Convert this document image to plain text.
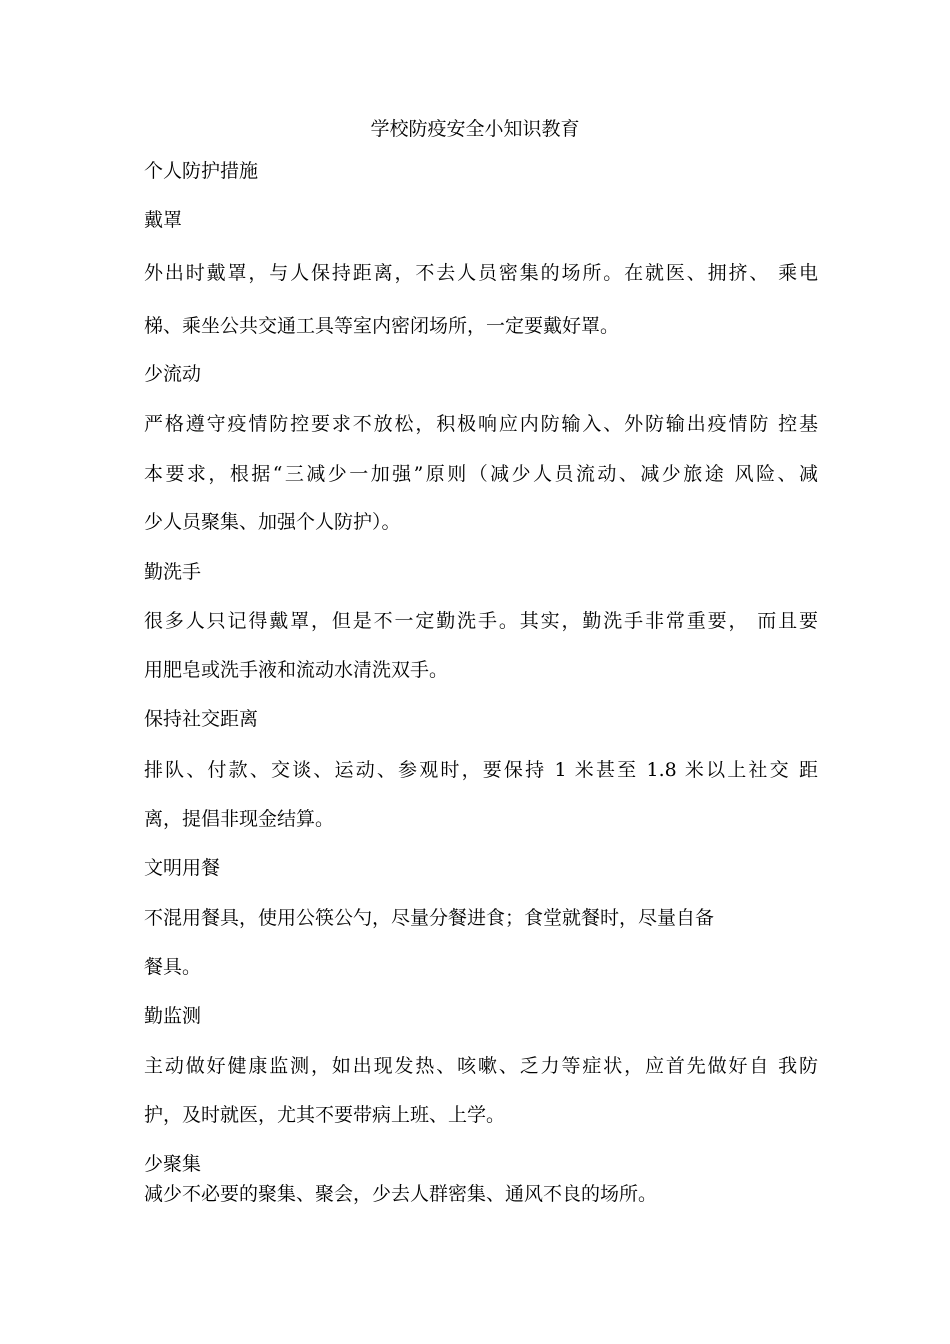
学校防疫安全小知识教育
个人防护措施
戴罩
外出时戴罩，与人保持距离，不去人员密集的场所。在就医、拥挤、 乘电
梯、乘坐公共交通工具等室内密闭场所，一定要戴好罩。
少流动
严格遵守疫情防控要求不放松，积极响应内防输入、外防输出疫情防 控基
本要求，根据“三减少一加强”原则（减少人员流动、减少旅途 风险、减
少人员聚集、加强个人防护）。
勤洗手
很多人只记得戴罩，但是不一定勤洗手。其实，勤洗手非常重要， 而且要
用肥皂或洗手液和流动水清洗双手。
保持社交距离
排队、付款、交谈、运动、参观时，要保持 1 米甚至 1.8 米以上社交 距
离，提倡非现金结算。
文明用餐
不混用餐具，使用公筷公勺，尽量分餐进食；食堂就餐时，尽量自备
餐具。
勤监测
主动做好健康监测，如出现发热、咳嗽、乏力等症状，应首先做好自 我防
护，及时就医，尤其不要带病上班、上学。
少聚集
减少不必要的聚集、聚会，少去人群密集、通风不良的场所。
